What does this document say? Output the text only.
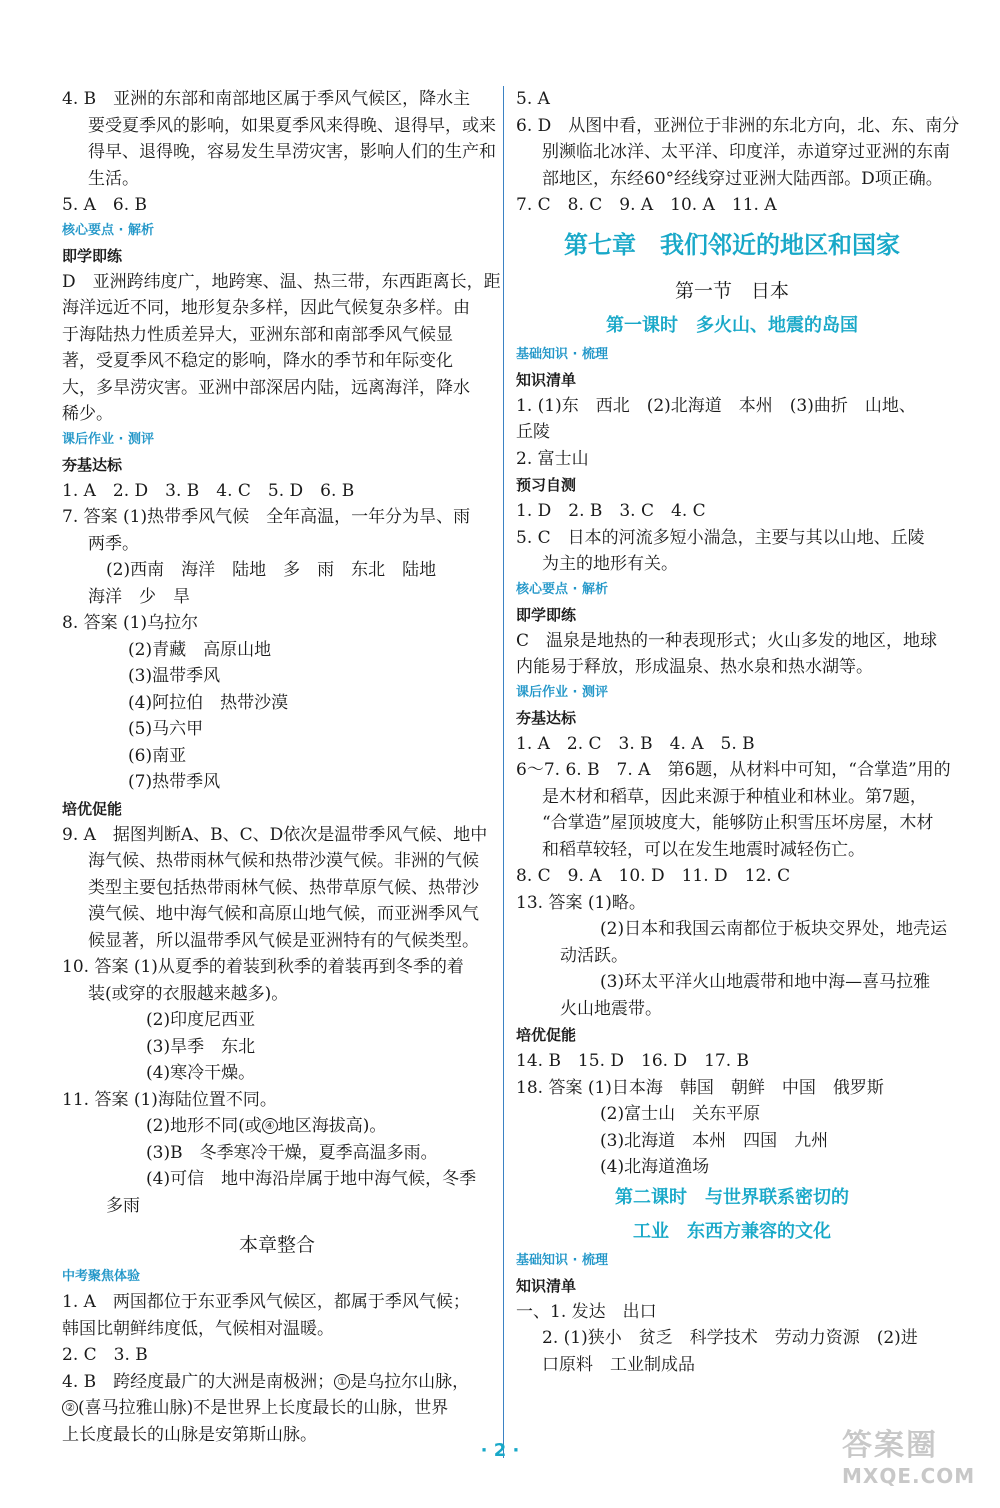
4. B　亚洲的东部和南部地区属于季风气候区，降水主
要受夏季风的影响，如果夏季风来得晚、退得早，或来
得早、退得晚，容易发生旱涝灾害，影响人们的生产和
生活。
5. A　6. B
核心要点 · 解析
即学即练
D　亚洲跨纬度广，地跨寒、温、热三带，东西距离长，距
海洋远近不同，地形复杂多样，因此气候复杂多样。由
于海陆热力性质差异大，亚洲东部和南部季风气候显
著，受夏季风不稳定的影响，降水的季节和年际变化
大，多旱涝灾害。亚洲中部深居内陆，远离海洋，降水
稀少。
课后作业 · 测评
夯基达标
1. A　2. D　3. B　4. C　5. D　6. B
7. 答案 (1)热带季风气候　全年高温，一年分为旱、雨
两季。
(2)西南　海洋　陆地　多　雨　东北　陆地
海洋　少　旱
8. 答案 (1)乌拉尔
(2)青藏　高原山地
(3)温带季风
(4)阿拉伯　热带沙漠
(5)马六甲
(6)南亚
(7)热带季风
培优促能
9. A　据图判断A、B、C、D依次是温带季风气候、地中
海气候、热带雨林气候和热带沙漠气候。非洲的气候
类型主要包括热带雨林气候、热带草原气候、热带沙
漠气候、地中海气候和高原山地气候，而亚洲季风气
候显著，所以温带季风气候是亚洲特有的气候类型。
10. 答案 (1)从夏季的着装到秋季的着装再到冬季的着
装(或穿的衣服越来越多)。
(2)印度尼西亚
(3)旱季　东北
(4)寒冷干燥。
11. 答案 (1)海陆位置不同。
(2)地形不同(或 ④ 地区海拔高)。
(3)B　冬季寒冷干燥，夏季高温多雨。
(4)可信　地中海沿岸属于地中海气候，冬季
多雨
本章整合
中考聚焦体验
1. A　两国都位于东亚季风气候区，都属于季风气候；
韩国比朝鲜纬度低，气候相对温暖。
2. C　3. B
4. B　跨经度最广的大洲是南极洲； ① 是乌拉尔山脉，
② (喜马拉雅山脉)不是世界上长度最长的山脉，世界
上长度最长的山脉是安第斯山脉。
5. A
6. D　从图中看，亚洲位于非洲的东北方向，北、东、南分
别濒临北冰洋、太平洋、印度洋，赤道穿过亚洲的东南
部地区，东经60°经线穿过亚洲大陆西部。D项正确。
7. C　8. C　9. A　10. A　11. A
第七章　我们邻近的地区和国家
第一节　日本
第一课时　多火山、地震的岛国
基础知识 · 梳理
知识清单
1. (1)东　西北　(2)北海道　本州　(3)曲折　山地、
丘陵
2. 富士山
预习自测
1. D　2. B　3. C　4. C
5. C　日本的河流多短小湍急，主要与其以山地、丘陵
为主的地形有关。
核心要点 · 解析
即学即练
C　温泉是地热的一种表现形式；火山多发的地区，地球
内能易于释放，形成温泉、热水泉和热水湖等。
课后作业 · 测评
夯基达标
1. A　2. C　3. B　4. A　5. B
6～7. 6. B　7. A　第6题，从材料中可知，“合掌造”用的
是木材和稻草，因此来源于种植业和林业。第7题，
“合掌造”屋顶坡度大，能够防止积雪压坏房屋，木材
和稻草较轻，可以在发生地震时减轻伤亡。
8. C　9. A　10. D　11. D　12. C
13. 答案 (1)略。
(2)日本和我国云南都位于板块交界处，地壳运
动活跃。
(3)环太平洋火山地震带和地中海—喜马拉雅
火山地震带。
培优促能
14. B　15. D　16. D　17. B
18. 答案 (1)日本海　韩国　朝鲜　中国　俄罗斯
(2)富士山　关东平原
(3)北海道　本州　四国　九州
(4)北海道渔场
第二课时　与世界联系密切的
工业　东西方兼容的文化
基础知识 · 梳理
知识清单
一、1. 发达　出口
2. (1)狭小　贫乏　科学技术　劳动力资源　(2)进
口原料　工业制成品
· 2 ·	答案圈
MXQE.COM
